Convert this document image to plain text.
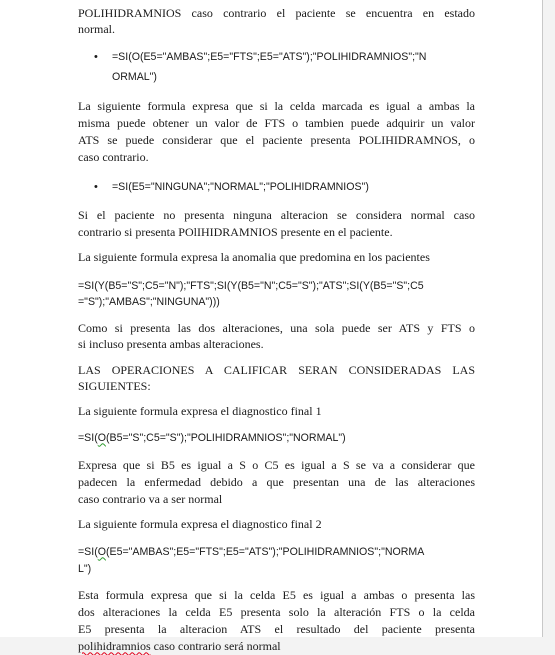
POLIHIDRAMNIOS caso contrario el paciente se encuentra en estado
normal.

• =SI(O(E5="AMBAS";E5="FTS";E5="ATS");"POLIHIDRAMNIOS";"N
ORMAL")

La siguiente formula expresa que si la celda marcada es igual a ambas la
misma puede obtener un valor de FTS o tambien puede adquirir un valor
ATS se puede considerar que el paciente presenta POLIHIDRAMNOS, o
caso contrario.

• =SI(E5="NINGUNA";"NORMAL";"POLIHIDRAMNIOS")

Si el paciente no presenta ninguna alteracion se considera normal caso
contrario si presenta POlIHIDRAMNIOS presente en el paciente.

La siguiente formula expresa la anomalia que predomina en los pacientes

=SI(Y(B5="S";C5="N");"FTS";SI(Y(B5="N";C5="S");"ATS";SI(Y(B5="S";C5
="S");"AMBAS";"NINGUNA")))

Como si presenta las dos alteraciones, una sola puede ser ATS y FTS o
si incluso presenta ambas alteraciones.

LAS OPERACIONES A CALIFICAR SERAN CONSIDERADAS LAS
SIGUIENTES:

La siguiente formula expresa el diagnostico final 1

=SI(O(B5="S";C5="S");"POLIHIDRAMNIOS";"NORMAL")

Expresa que si B5 es igual a S o C5 es igual a S se va a considerar que
padecen la enfermedad debido a que presentan una de las alteraciones
caso contrario va a ser normal

La siguiente formula expresa el diagnostico final 2

=SI(O(E5="AMBAS";E5="FTS";E5="ATS");"POLIHIDRAMNIOS";"NORMA
L")

Esta formula expresa que si la celda E5 es igual a ambas o presenta las
dos alteraciones la celda E5 presenta solo la alteración FTS o la celda
E5 presenta la alteracion ATS el resultado del paciente presenta
polihidramnios caso contrario será normal
